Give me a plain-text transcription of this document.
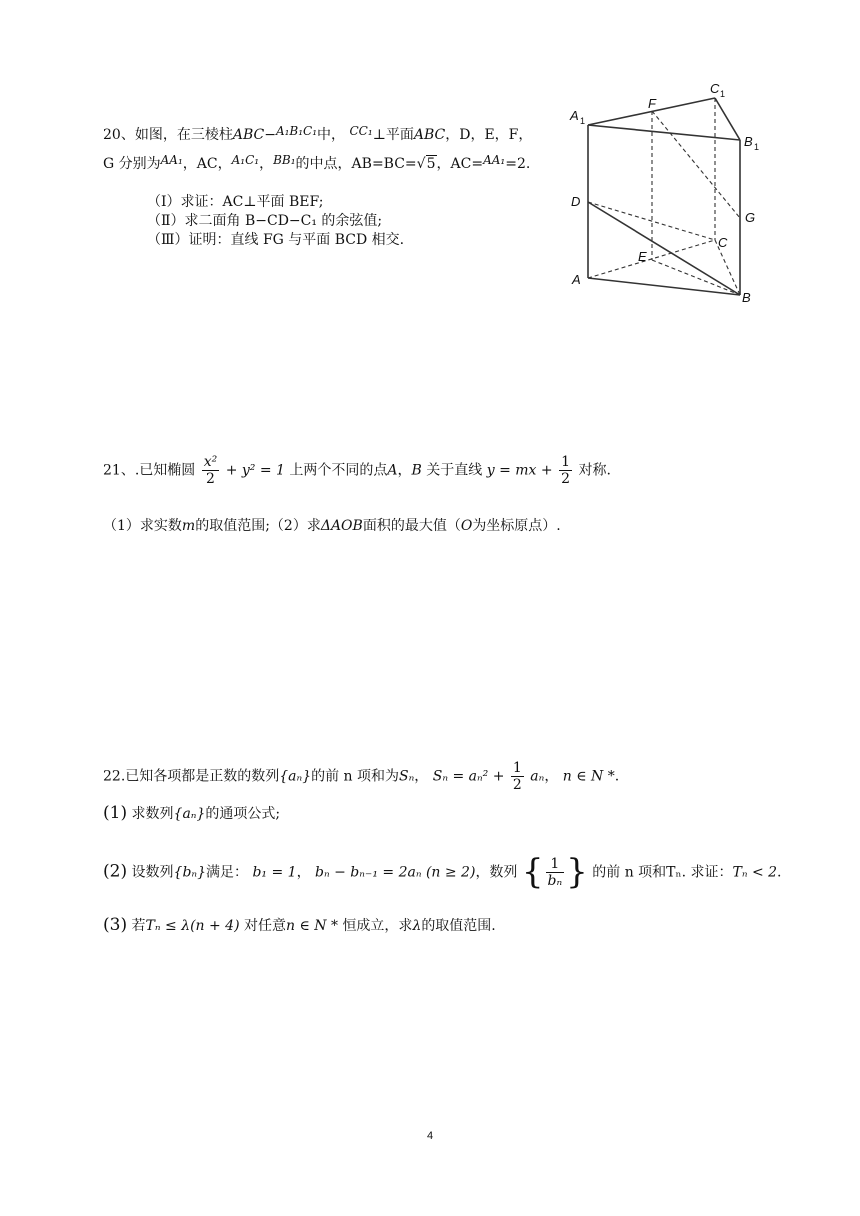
20、如图，在三棱柱ABC−A₁B₁C₁中， CC₁⊥平面ABC，D，E，F，
G 分别为AA₁，AC，A₁C₁，BB₁的中点，AB=BC=√5，AC=AA₁=2.
（Ⅰ）求证：AC⊥平面 BEF;
（Ⅱ）求二面角 B−CD−C₁ 的余弦值;
（Ⅲ）证明：直线 FG 与平面 BCD 相交.
A 1
F
C 1
B 1
D
G
C
E
A
B
21、.已知椭圆 $\frac{\text{x²}}{2} + y^2 = 1$ 上两个不同的点A，B 关于直线 y = mx + $\frac{1}{2}$ 对称.
（1）求实数m的取值范围;（2）求ΔAOB面积的最大值（O为坐标原点）.
22.已知各项都是正数的数列{aₙ}的前 n 项和为Sₙ， $S_n = a_n^2 + \frac{1}{2}$ aₙ， n ∈ N *.
(1) 求数列{aₙ}的通项公式;
(2) 设数列{bₙ}满足： b₁ = 1， bₙ − bₙ₋₁ = 2aₙ (n ≥ 2)，数列 { $\frac{1}{\text{bₙ}}$ } 的前 n 项和Tₙ. 求证：Tₙ < 2.
(3) 若Tₙ ≤ λ(n + 4) 对任意n ∈ N * 恒成立，求λ的取值范围.
4
